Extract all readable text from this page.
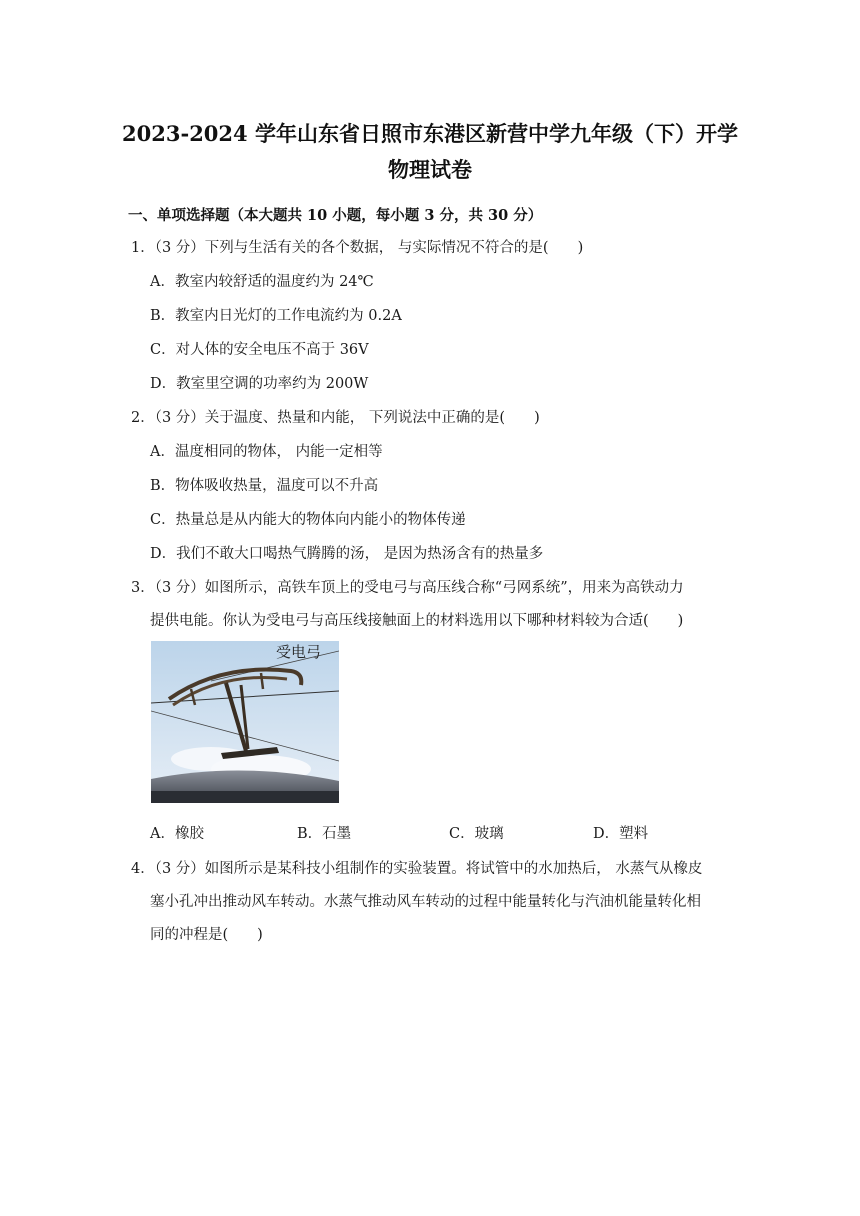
2023-2024 学年山东省日照市东港区新营中学九年级（下）开学
物理试卷
一、单项选择题（本大题共 10 小题，每小题 3 分，共 30 分）
1．（3 分）下列与生活有关的各个数据， 与实际情况不符合的是(　　)
A．教室内较舒适的温度约为 24℃
B．教室内日光灯的工作电流约为 0.2A
C．对人体的安全电压不高于 36V
D．教室里空调的功率约为 200W
2．（3 分）关于温度、热量和内能， 下列说法中正确的是(　　)
A．温度相同的物体， 内能一定相等
B．物体吸收热量，温度可以不升高
C．热量总是从内能大的物体向内能小的物体传递
D．我们不敢大口喝热气腾腾的汤， 是因为热汤含有的热量多
3．（3 分）如图所示，高铁车顶上的受电弓与高压线合称“弓网系统”，用来为高铁动力
提供电能。你认为受电弓与高压线接触面上的材料选用以下哪种材料较为合适(　　)
受电弓
A．橡胶	B．石墨	C．玻璃	D．塑料
4．（3 分）如图所示是某科技小组制作的实验装置。将试管中的水加热后， 水蒸气从橡皮
塞小孔冲出推动风车转动。水蒸气推动风车转动的过程中能量转化与汽油机能量转化相
同的冲程是(　　)
